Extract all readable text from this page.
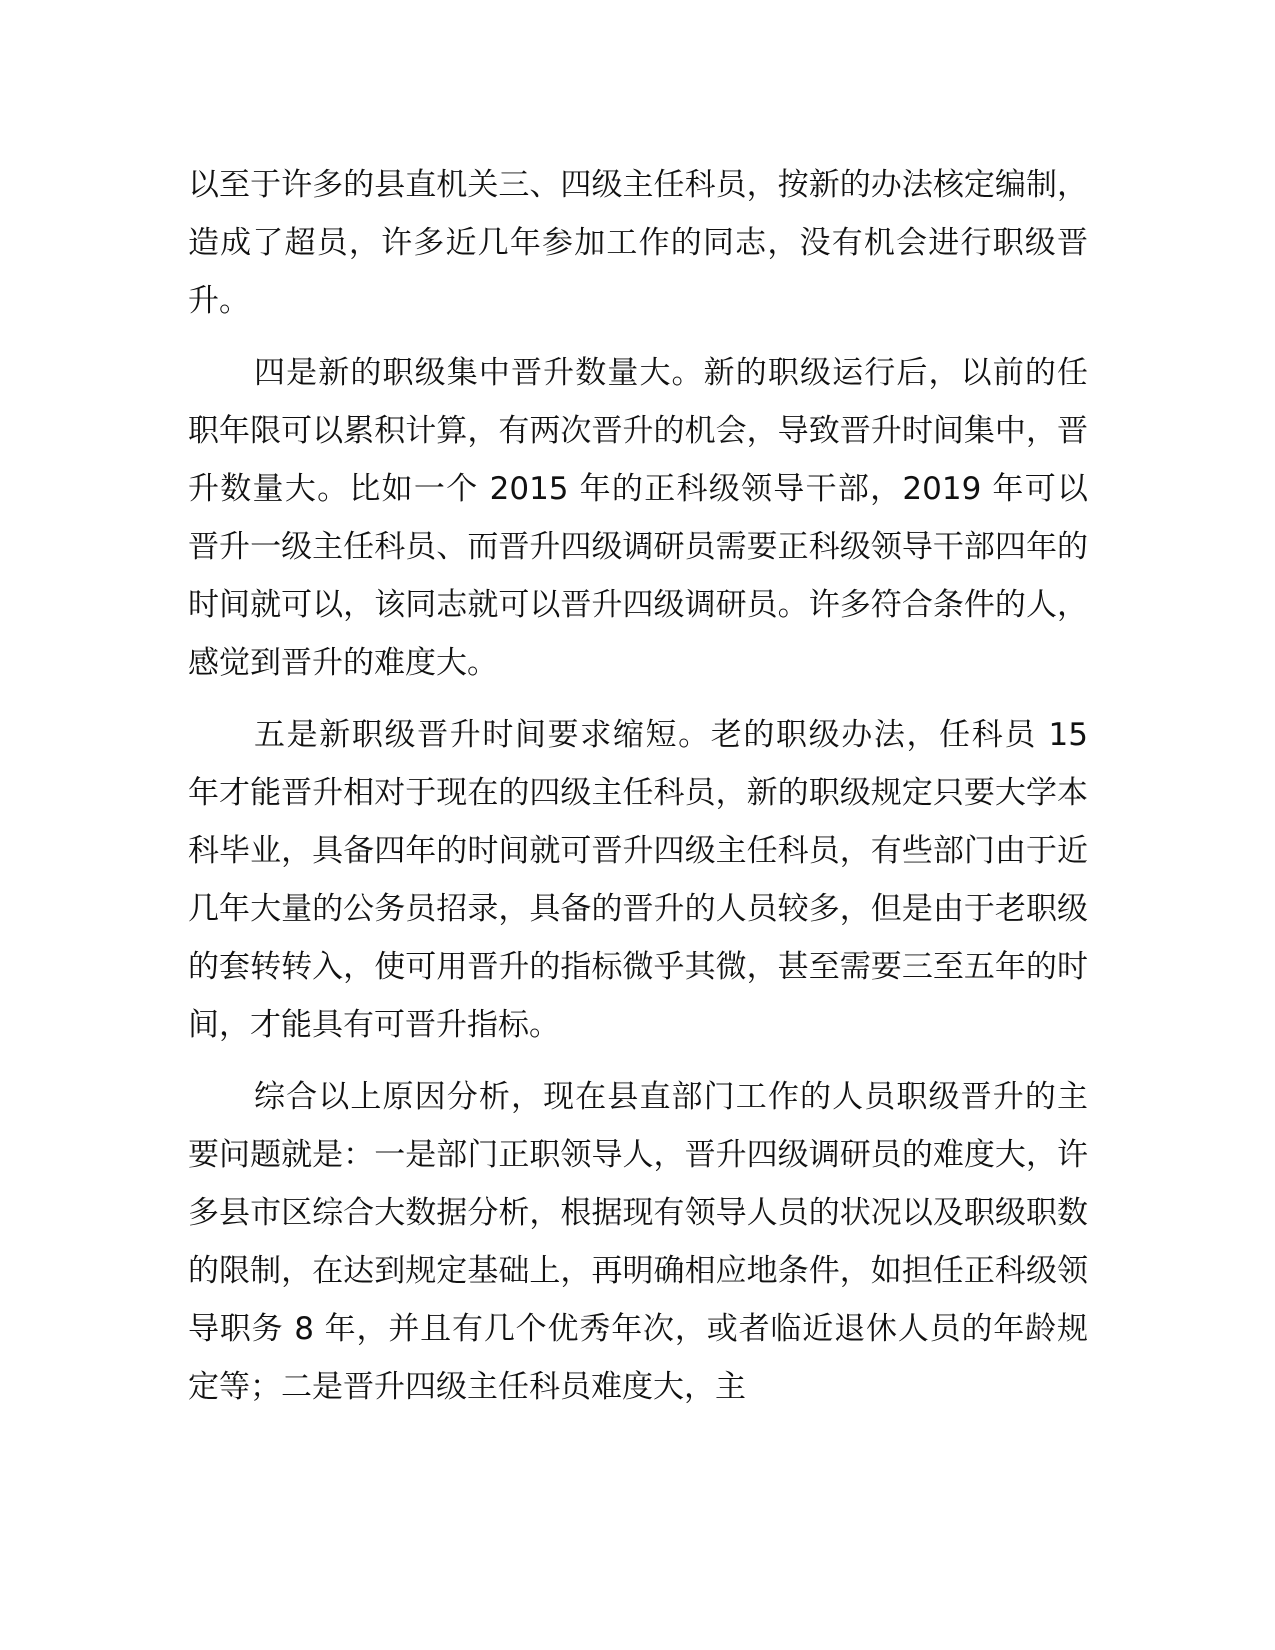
以至于许多的县直机关三、四级主任科员，按新的办法核定编制，造成了超员，许多近几年参加工作的同志，没有机会进行职级晋升。

四是新的职级集中晋升数量大。新的职级运行后，以前的任职年限可以累积计算，有两次晋升的机会，导致晋升时间集中，晋升数量大。比如一个 2015 年的正科级领导干部，2019 年可以晋升一级主任科员、而晋升四级调研员需要正科级领导干部四年的时间就可以，该同志就可以晋升四级调研员。许多符合条件的人，感觉到晋升的难度大。

五是新职级晋升时间要求缩短。老的职级办法，任科员 15 年才能晋升相对于现在的四级主任科员，新的职级规定只要大学本科毕业，具备四年的时间就可晋升四级主任科员，有些部门由于近几年大量的公务员招录，具备的晋升的人员较多，但是由于老职级的套转转入，使可用晋升的指标微乎其微，甚至需要三至五年的时间，才能具有可晋升指标。

综合以上原因分析，现在县直部门工作的人员职级晋升的主要问题就是：一是部门正职领导人，晋升四级调研员的难度大，许多县市区综合大数据分析，根据现有领导人员的状况以及职级职数的限制，在达到规定基础上，再明确相应地条件，如担任正科级领导职务 8 年，并且有几个优秀年次，或者临近退休人员的年龄规定等；二是晋升四级主任科员难度大，主
